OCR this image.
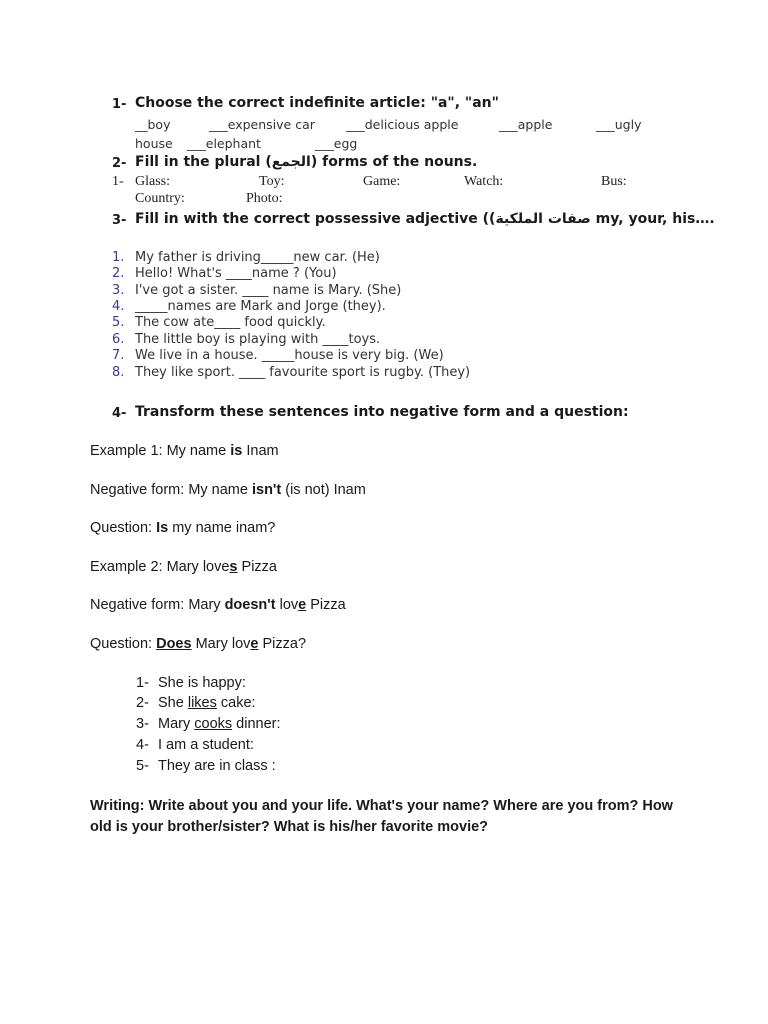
1- Choose the correct indefinite article: "a", "an"
__boy	___expensive car ___delicious apple	___apple	___ugly
house ___elephant	___egg
2- Fill in the plural (الجمع) forms of the nouns.
1- Glass:	Toy:	Game:	Watch:	Bus:
Country:	Photo:
3- Fill in with the correct possessive adjective ((صفات الملكية my, your, his….
1. My father is driving_____new car. (He)
2. Hello! What's ____name ? (You)
3. I've got a sister. ____ name is Mary. (She)
4. _____names are Mark and Jorge (they).
5. The cow ate____ food quickly.
6. The little boy is playing with ____toys.
7. We live in a house. _____house is very big. (We)
8. They like sport. ____ favourite sport is rugby. (They)
4- Transform these sentences into negative form and a question:
Example 1: My name is Inam
Negative form: My name isn't (is not) Inam
Question: Is my name inam?
Example 2: Mary loves Pizza
Negative form: Mary doesn't love Pizza
Question: Does Mary love Pizza?
1- She is happy:
2- She likes cake:
3- Mary cooks dinner:
4- I am a student:
5- They are in class :
Writing: Write about you and your life. What's your name? Where are you from? How old is your brother/sister? What is his/her favorite movie?
